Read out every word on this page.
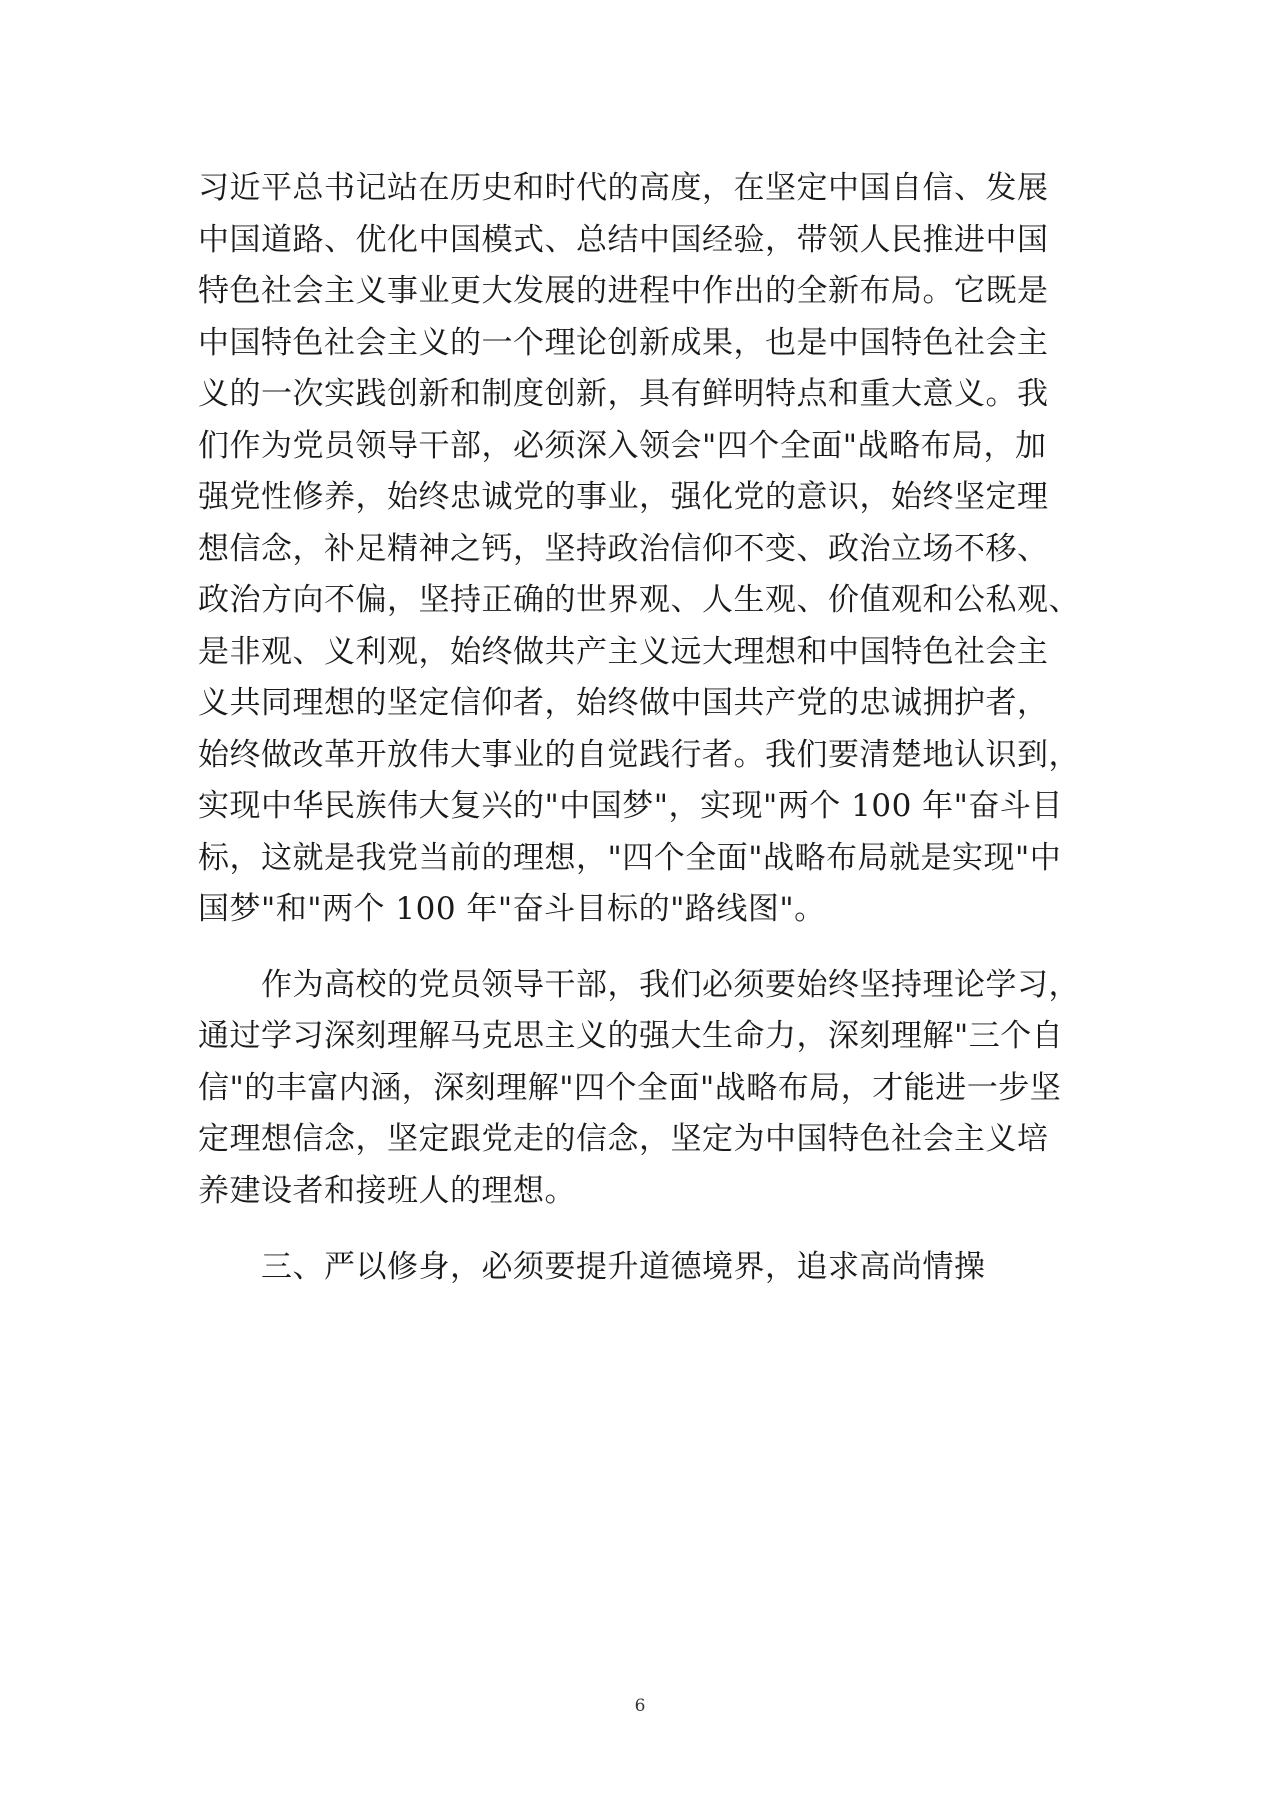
习近平总书记站在历史和时代的高度，在坚定中国自信、发展
中国道路、优化中国模式、总结中国经验，带领人民推进中国
特色社会主义事业更大发展的进程中作出的全新布局。它既是
中国特色社会主义的一个理论创新成果，也是中国特色社会主
义的一次实践创新和制度创新，具有鲜明特点和重大意义。我
们作为党员领导干部，必须深入领会"四个全面"战略布局，加
强党性修养，始终忠诚党的事业，强化党的意识，始终坚定理
想信念，补足精神之钙，坚持政治信仰不变、政治立场不移、
政治方向不偏，坚持正确的世界观、人生观、价值观和公私观、
是非观、义利观，始终做共产主义远大理想和中国特色社会主
义共同理想的坚定信仰者，始终做中国共产党的忠诚拥护者，
始终做改革开放伟大事业的自觉践行者。我们要清楚地认识到，
实现中华民族伟大复兴的"中国梦"，实现"两个 100 年"奋斗目
标，这就是我党当前的理想，"四个全面"战略布局就是实现"中
国梦"和"两个 100 年"奋斗目标的"路线图"。
作为高校的党员领导干部，我们必须要始终坚持理论学习，
通过学习深刻理解马克思主义的强大生命力，深刻理解"三个自
信"的丰富内涵，深刻理解"四个全面"战略布局，才能进一步坚
定理想信念，坚定跟党走的信念，坚定为中国特色社会主义培
养建设者和接班人的理想。
三、严以修身，必须要提升道德境界，追求高尚情操
6
